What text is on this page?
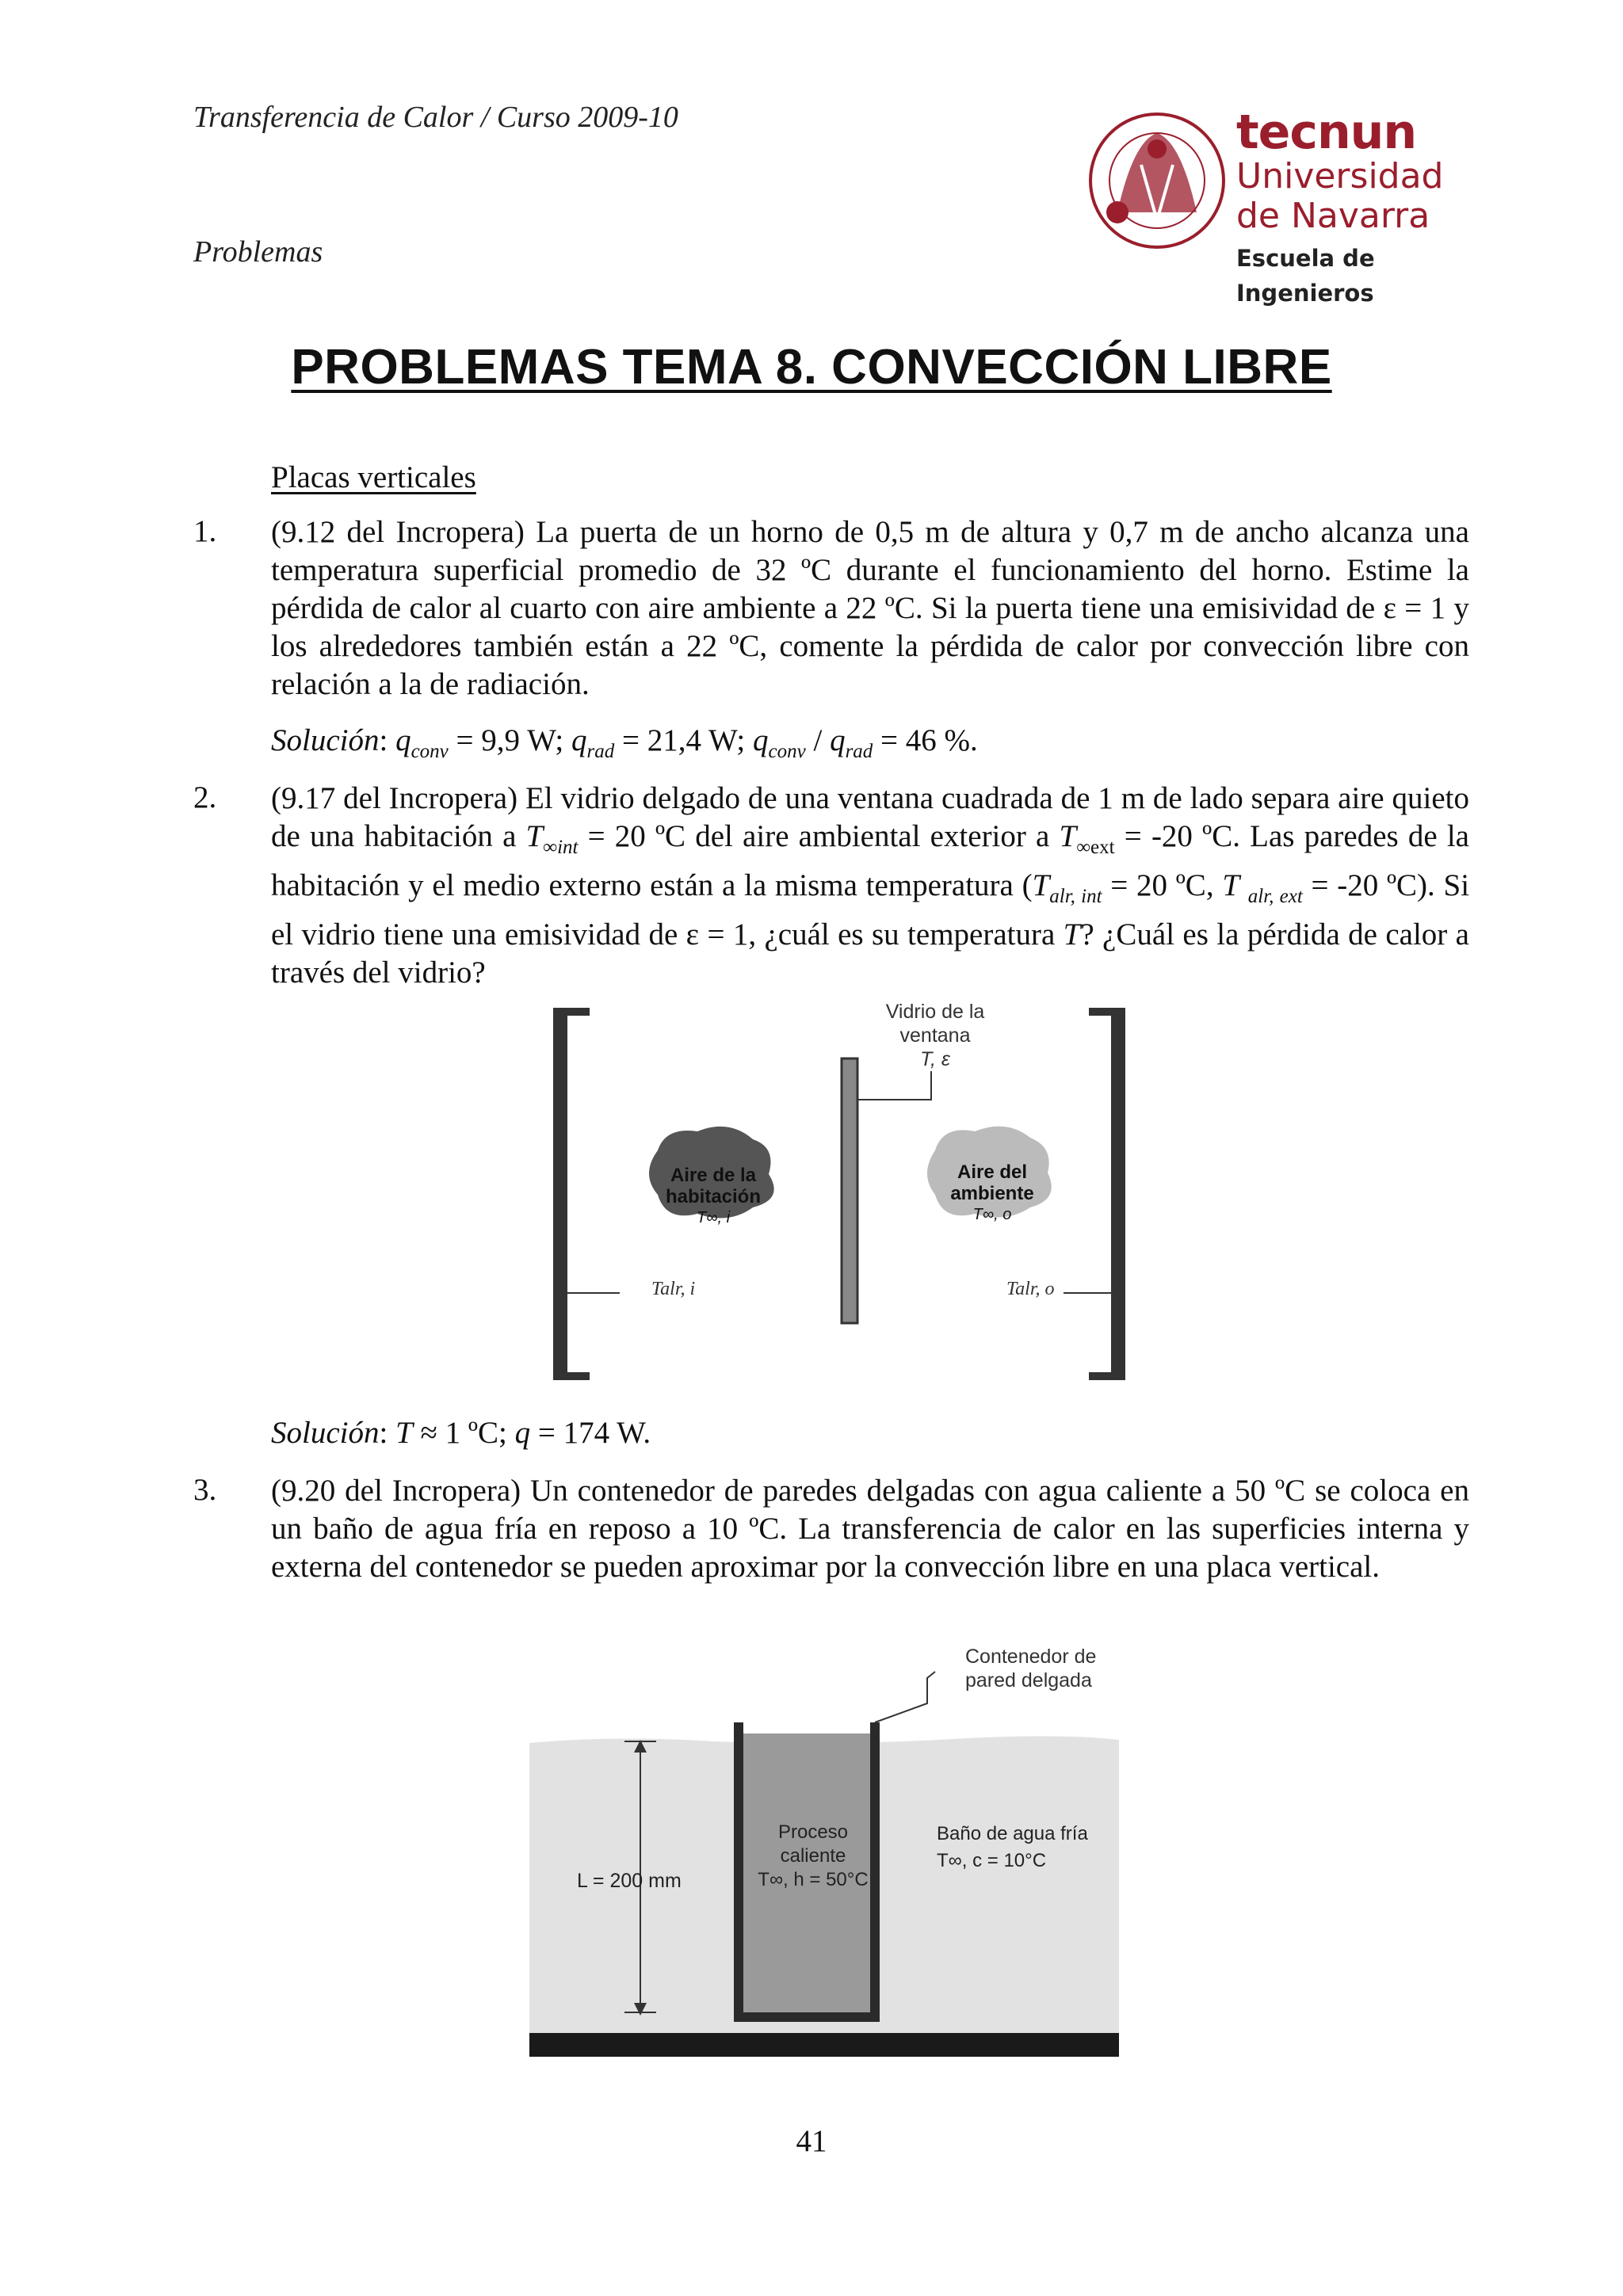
Transferencia de Calor / Curso 2009-10
Problemas
tecnun
Universidad
de Navarra
Escuela de Ingenieros
PROBLEMAS TEMA 8. CONVECCIÓN LIBRE
Placas verticales
1. (9.12 del Incropera) La puerta de un horno de 0,5 m de altura y 0,7 m de ancho alcanza una temperatura superficial promedio de 32 ºC durante el funcionamiento del horno. Estime la pérdida de calor al cuarto con aire ambiente a 22 ºC. Si la puerta tiene una emisividad de ε = 1 y los alrededores también están a 22 ºC, comente la pérdida de calor por convección libre con relación a la de radiación.
Solución: $q_{conv} = 9,9$ W; $q_{rad} = 21,4$ W; $q_{conv} / q_{rad} = 46$ %.
2. (9.17 del Incropera) El vidrio delgado de una ventana cuadrada de 1 m de lado separa aire quieto de una habitación a $T_{\infty int} = 20$ ºC del aire ambiental exterior a $T_{\infty ext} = -20$ ºC. Las paredes de la habitación y el medio externo están a la misma temperatura ($T_{alr, int} = 20$ ºC, T $_{alr, ext}$ = -20 ºC). Si el vidrio tiene una emisividad de ε = 1, ¿cuál es su temperatura T? ¿Cuál es la pérdida de calor a través del vidrio?
Vidrio de la
ventana
T, ε
Aire de la
habitación
T∞, i
Aire del
ambiente
T∞, o
Talr, i	Talr, o
Solución: T ≈ 1 ºC; q = 174 W.
3. (9.20 del Incropera) Un contenedor de paredes delgadas con agua caliente a 50 ºC se coloca en un baño de agua fría en reposo a 10 ºC. La transferencia de calor en las superficies interna y externa del contenedor se pueden aproximar por la convección libre en una placa vertical.
Contenedor de
pared delgada
Proceso caliente
T∞, h = 50°C
Baño de agua fría
T∞, c = 10°C
L = 200 mm
41
